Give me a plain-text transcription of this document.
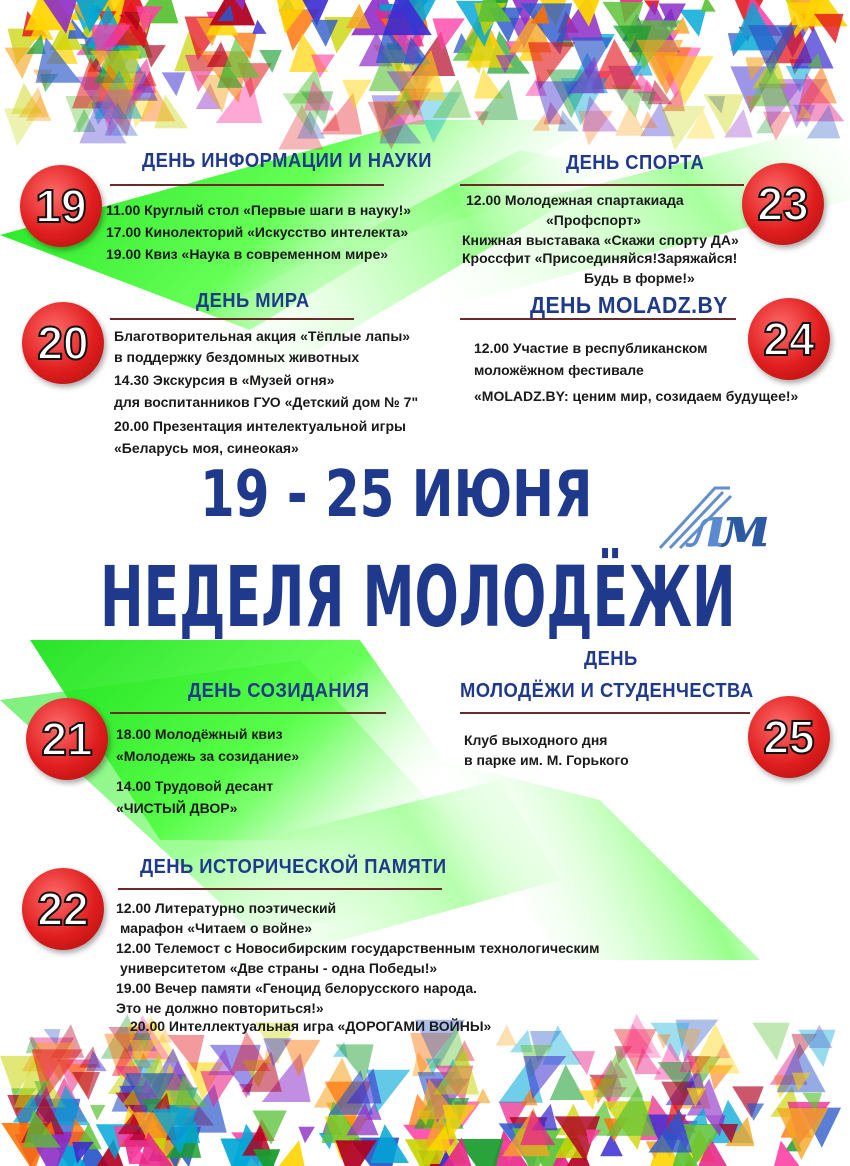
19 - 25 ИЮНЯ
НЕДЕЛЯ МОЛОДЁЖИ
м
л
19
ДЕНЬ ИНФОРМАЦИИ И НАУКИ
11.00 Круглый стол «Первые шаги в науку!»
17.00 Кинолекторий «Искусство интелекта»
19.00 Квиз «Наука в современном мире»
20
ДЕНЬ МИРА
Благотворительная акция «Тёплые лапы»
в поддержку бездомных животных
14.30 Экскурсия в «Музей огня»
для воспитанников ГУО «Детский дом № 7"
20.00 Презентация интелектуальной игры
«Беларусь моя, синеокая»
23
ДЕНЬ СПОРТА
12.00 Молодежная спартакиада
«Профспорт»
Книжная выставака «Скажи спорту ДА»
Кроссфит «Присоединяйся!Заряжайся!
Будь в форме!»
24
ДЕНЬ MOLADZ.BY
12.00 Участие в республиканском
моложёжном фестивале
«MOLADZ.BY: ценим мир, созидаем будущее!»
21
ДЕНЬ СОЗИДАНИЯ
18.00 Молодёжный квиз
«Молодежь за созидание»
14.00 Трудовой десант
«ЧИСТЫЙ ДВОР»
25
ДЕНЬ
МОЛОДЁЖИ И СТУДЕНЧЕСТВА
Клуб выходного дня
в парке им. М. Горького
22
ДЕНЬ ИСТОРИЧЕСКОЙ ПАМЯТИ
12.00 Литературно поэтический
марафон «Читаем о войне»
12.00 Телемост с Новосибирским государственным технологическим
университетом «Две страны - одна Победы!»
19.00 Вечер памяти «Геноцид белорусского народа.
Это не должно повториться!»
20.00 Интеллектуальная игра «ДОРОГАМИ ВОЙНЫ»
